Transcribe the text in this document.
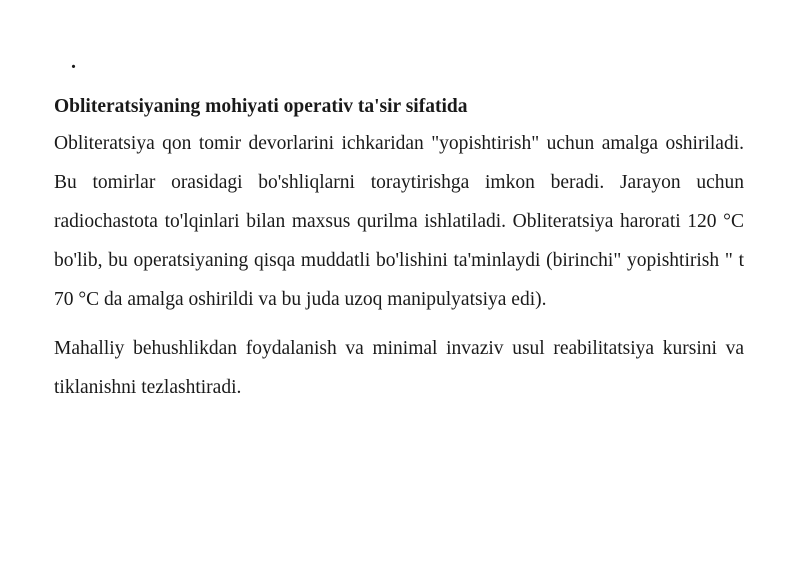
.
Obliteratsiyaning mohiyati operativ ta'sir sifatida

Obliteratsiya qon tomir devorlarini ichkaridan "yopishtirish" uchun amalga oshiriladi. Bu tomirlar orasidagi bo'shliqlarni toraytirishga imkon beradi. Jarayon uchun radiochastota to'lqinlari bilan maxsus qurilma ishlatiladi. Obliteratsiya harorati 120 °C bo'lib, bu operatsiyaning qisqa muddatli bo'lishini ta'minlaydi (birinchi" yopishtirish " t 70 °C da amalga oshirildi va bu juda uzoq manipulyatsiya edi).

Mahalliy behushlikdan foydalanish va minimal invaziv usul reabilitatsiya kursini va tiklanishni tezlashtiradi.
